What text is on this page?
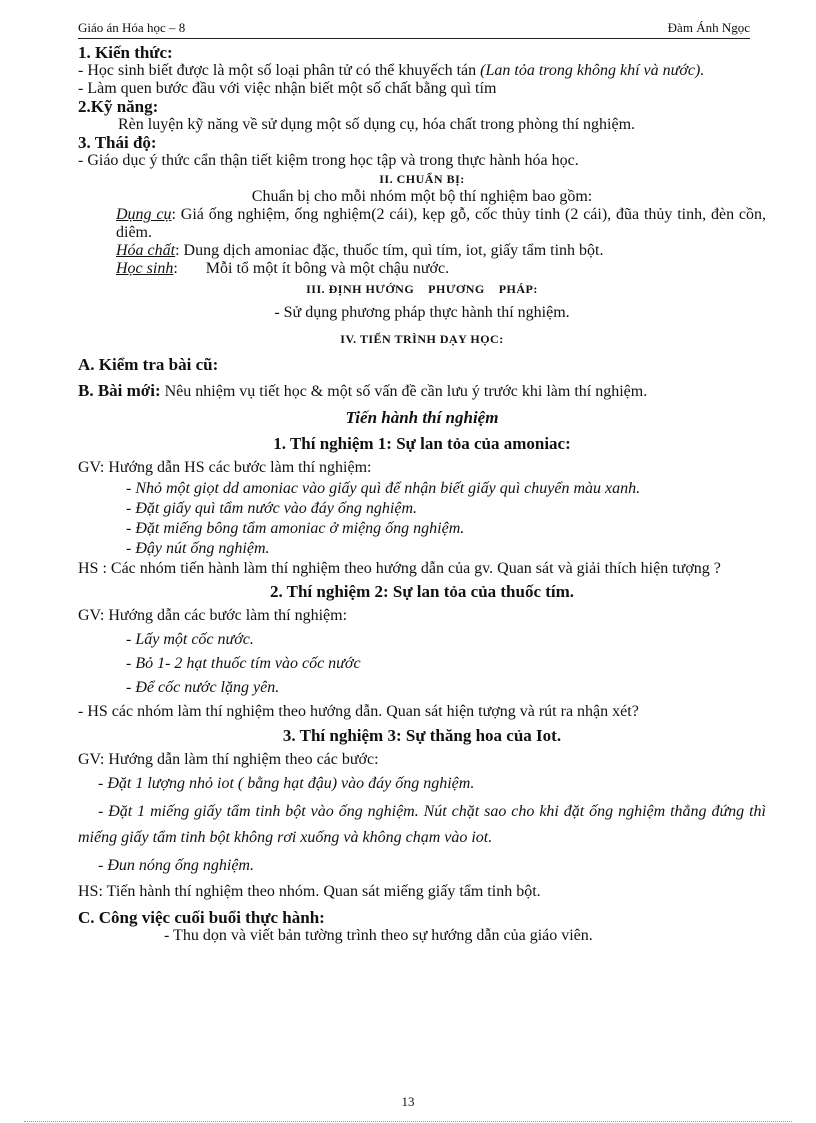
Giáo án Hóa học – 8	Đàm Ánh Ngọc

1. Kiến thức:

- Học sinh biết được là một số loại phân tử có thể khuyếch tán (Lan tỏa trong không khí và nước).

- Làm quen bước đầu với việc nhận biết một số chất bằng quì tím

2.Kỹ năng:

Rèn luyện kỹ năng về sử dụng một số dụng cụ, hóa chất trong phòng thí nghiệm.

3. Thái độ:

- Giáo dục ý thức cẩn thận tiết kiệm trong học tập và trong thực hành hóa học.

II. CHUẨN BỊ:

Chuẩn bị cho mỗi nhóm một bộ thí nghiệm bao gồm:

Dụng cụ: Giá ống nghiệm, ống nghiệm(2 cái), kẹp gỗ, cốc thủy tinh (2 cái), đũa thủy tinh, đèn cồn, diêm.

Hóa chất: Dung dịch amoniac đặc, thuốc tím, quì tím, iot, giấy tẩm tinh bột.

Học sinh:       Mỗi tổ một ít bông và một chậu nước.

III. ĐỊNH HƯỚNG    PHƯƠNG    PHÁP:

- Sử dụng phương pháp thực hành thí nghiệm.

IV. TIẾN TRÌNH DẠY HỌC:

A. Kiểm tra bài cũ:

B. Bài mới: Nêu nhiệm vụ tiết học & một số vấn đề cần lưu ý trước khi làm thí nghiệm.

Tiến hành thí nghiệm

1. Thí nghiệm 1: Sự lan tỏa của amoniac:

GV: Hướng dẫn HS các bước làm thí nghiệm:

- Nhỏ một giọt dd amoniac vào giấy quì để nhận biết giấy quì chuyển màu xanh.

- Đặt giấy quì tẩm nước vào đáy ống nghiệm.

- Đặt miếng bông tẩm amoniac ở miệng ống nghiệm.

- Đậy nút ống nghiệm.

HS : Các nhóm tiến hành làm thí nghiệm theo hướng dẫn của gv. Quan sát và giải thích hiện tượng ?

2. Thí nghiệm 2: Sự lan tỏa của thuốc tím.

GV: Hướng dẫn các bước làm thí nghiệm:

- Lấy một cốc nước.

- Bỏ 1- 2 hạt thuốc tím vào cốc nước

- Để cốc nước lặng yên.

- HS các nhóm làm thí nghiệm theo hướng dẫn. Quan sát hiện tượng và rút ra nhận xét?

3. Thí nghiệm 3: Sự thăng hoa của Iot.

GV: Hướng dẫn làm thí nghiệm theo các bước:

- Đặt 1 lượng nhỏ iot ( bằng hạt đậu) vào đáy ống nghiệm.

- Đặt 1 miếng giấy tẩm tinh bột vào ống nghiệm. Nút chặt sao cho khi đặt ống nghiệm thẳng đứng thì miếng giấy tẩm tinh bột không rơi xuống và không chạm vào iot.

- Đun nóng ống nghiệm.

HS: Tiến hành thí nghiệm theo nhóm. Quan sát miếng giấy tẩm tinh bột.

C. Công việc cuối buổi thực hành:

- Thu dọn và viết bản tường trình theo sự hướng dẫn của giáo viên.

13
